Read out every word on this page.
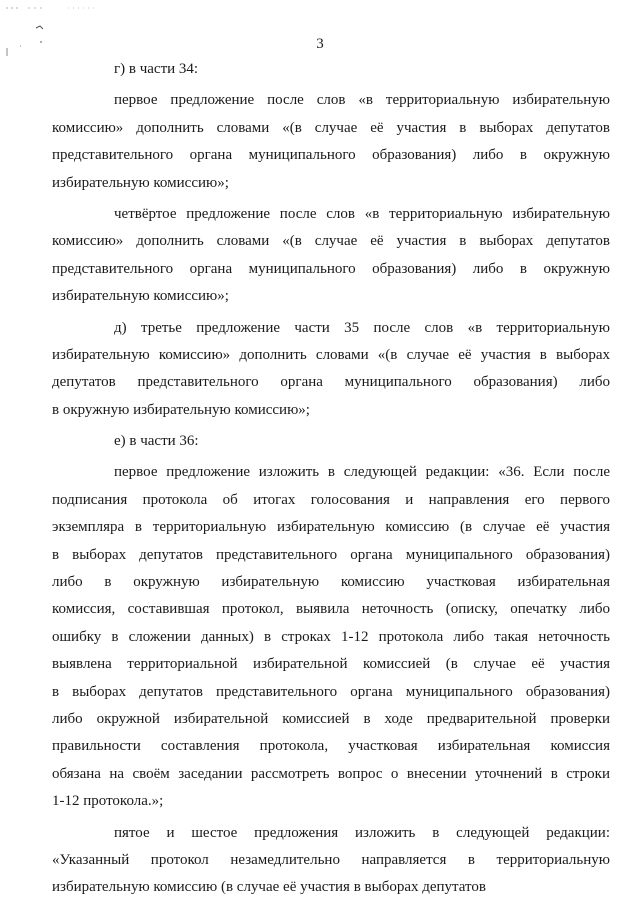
3
г) в части 34:
первое предложение после слов «в территориальную избирательную
комиссию» дополнить словами «(в случае её участия в выборах депутатов
представительного органа муниципального образования) либо в окружную
избирательную комиссию»;
четвёртое предложение после слов «в территориальную избирательную
комиссию» дополнить словами «(в случае её участия в выборах депутатов
представительного органа муниципального образования) либо в окружную
избирательную комиссию»;
д) третье предложение части 35 после слов «в территориальную
избирательную комиссию» дополнить словами «(в случае её участия в выборах
депутатов представительного органа муниципального образования) либо
в окружную избирательную комиссию»;
е) в части 36:
первое предложение изложить в следующей редакции: «36. Если после
подписания протокола об итогах голосования и направления его первого
экземпляра в территориальную избирательную комиссию (в случае её участия
в выборах депутатов представительного органа муниципального образования)
либо в окружную избирательную комиссию участковая избирательная
комиссия, составившая протокол, выявила неточность (описку, опечатку либо
ошибку в сложении данных) в строках 1-12 протокола либо такая неточность
выявлена территориальной избирательной комиссией (в случае её участия
в выборах депутатов представительного органа муниципального образования)
либо окружной избирательной комиссией в ходе предварительной проверки
правильности составления протокола, участковая избирательная комиссия
обязана на своём заседании рассмотреть вопрос о внесении уточнений в строки
1-12 протокола.»;
пятое и шестое предложения изложить в следующей редакции:
«Указанный протокол незамедлительно направляется в территориальную
избирательную комиссию (в случае её участия в выборах депутатов
